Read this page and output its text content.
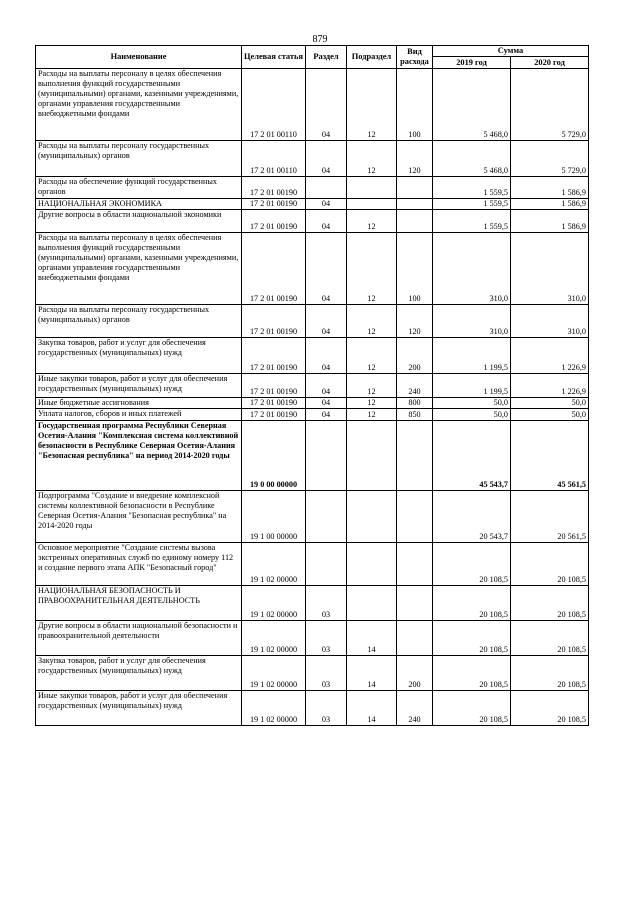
879
Наименование	Целевая статья	Раздел	Подраздел	Вид расхода	Сумма	
					2019 год	2020 год
Расходы на выплаты персоналу в целях обеспечения выполнения функций государственными (муниципальными) органами, казенными учреждениями, органами управления государственными внебюджетными фондами	17 2 01 00110	04	12	100	5 468,0	5 729,0
Расходы на выплаты персоналу государственных (муниципальных) органов	17 2 01 00110	04	12	120	5 468,0	5 729,0
Расходы на обеспечение функций государственных органов	17 2 01 00190				1 559,5	1 586,9
НАЦИОНАЛЬНАЯ ЭКОНОМИКА	17 2 01 00190	04			1 559,5	1 586,9
Другие вопросы в области национальной экономики	17 2 01 00190	04	12		1 559,5	1 586,9
Расходы на выплаты персоналу в целях обеспечения выполнения функций государственными (муниципальными) органами, казенными учреждениями, органами управления государственными внебюджетными фондами	17 2 01 00190	04	12	100	310,0	310,0
Расходы на выплаты персоналу государственных (муниципальных) органов	17 2 01 00190	04	12	120	310,0	310,0
Закупка товаров, работ и услуг для обеспечения государственных (муниципальных) нужд	17 2 01 00190	04	12	200	1 199,5	1 226,9
Иные закупки товаров, работ и услуг для обеспечения государственных (муниципальных) нужд	17 2 01 00190	04	12	240	1 199,5	1 226,9
Иные бюджетные ассигнования	17 2 01 00190	04	12	800	50,0	50,0
Уплата налогов, сборов и иных платежей	17 2 01 00190	04	12	850	50,0	50,0
Государственная программа Республики Северная Осетия-Алания "Комплексная система коллективной безопасности в Республике Северная Осетия-Алания "Безопасная республика" на период 2014-2020 годы	19 0 00 00000				45 543,7	45 561,5
Подпрограмма "Создание и внедрение комплексной системы коллективной безопасности в Республике Северная Осетия-Алания "Безопасная республика" на 2014-2020 годы	19 1 00 00000				20 543,7	20 561,5
Основное мероприятие "Создание системы вызова экстренных оперативных служб по единому номеру 112 и создание первого этапа АПК "Безопасный город"	19 1 02 00000				20 108,5	20 108,5
НАЦИОНАЛЬНАЯ БЕЗОПАСНОСТЬ И ПРАВООХРАНИТЕЛЬНАЯ ДЕЯТЕЛЬНОСТЬ	19 1 02 00000	03			20 108,5	20 108,5
Другие вопросы в области национальной безопасности и правоохранительной деятельности	19 1 02 00000	03	14		20 108,5	20 108,5
Закупка товаров, работ и услуг для обеспечения государственных (муниципальных) нужд	19 1 02 00000	03	14	200	20 108,5	20 108,5
Иные закупки товаров, работ и услуг для обеспечения государственных (муниципальных) нужд	19 1 02 00000	03	14	240	20 108,5	20 108,5
